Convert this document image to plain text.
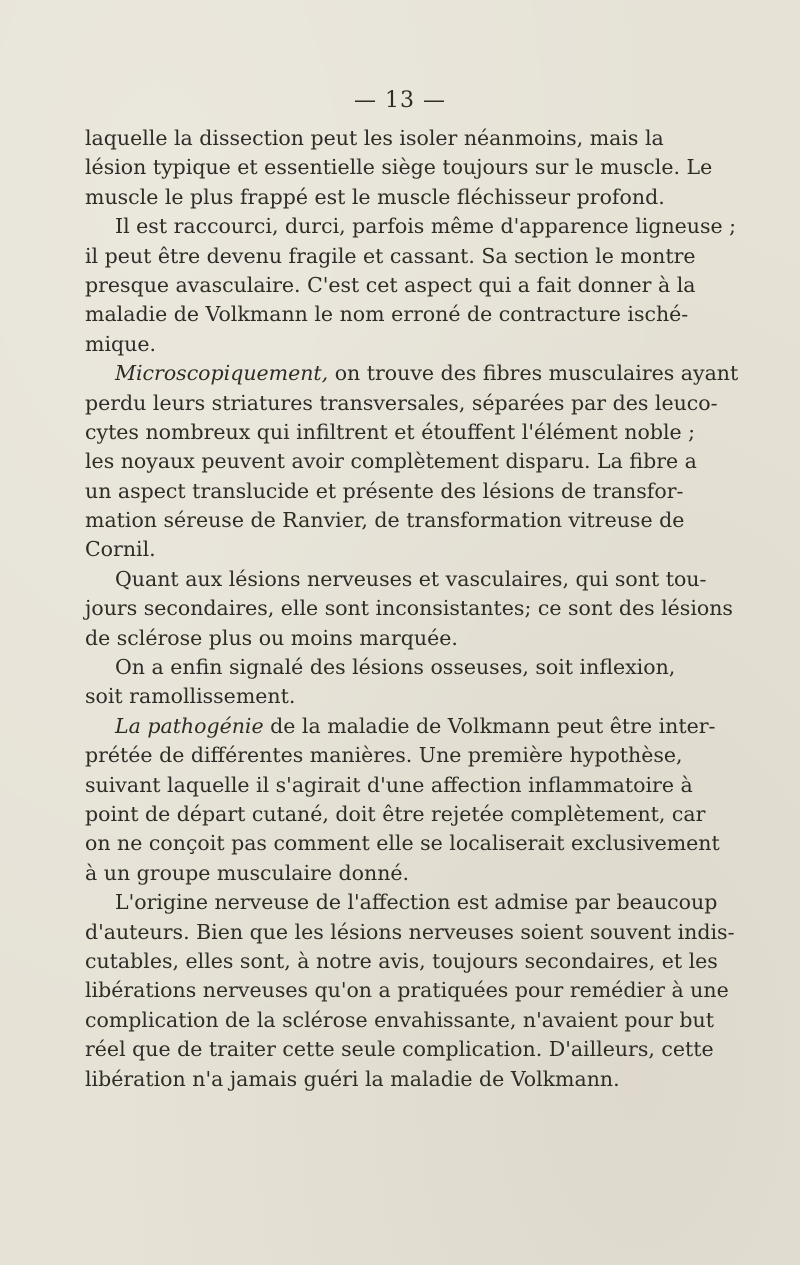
— 13 —
laquelle la dissection peut les isoler néanmoins, mais la
lésion typique et essentielle siège toujours sur le muscle. Le
muscle le plus frappé est le muscle fléchisseur profond.
Il est raccourci, durci, parfois même d'apparence ligneuse ;
il peut être devenu fragile et cassant. Sa section le montre
presque avasculaire. C'est cet aspect qui a fait donner à la
maladie de Volkmann le nom erroné de contracture isché-
mique.
Microscopiquement, on trouve des fibres musculaires ayant
perdu leurs striatures transversales, séparées par des leuco-
cytes nombreux qui infiltrent et étouffent l'élément noble ;
les noyaux peuvent avoir complètement disparu. La fibre a
un aspect translucide et présente des lésions de transfor-
mation séreuse de Ranvier, de transformation vitreuse de
Cornil.
Quant aux lésions nerveuses et vasculaires, qui sont tou-
jours secondaires, elle sont inconsistantes; ce sont des lésions
de sclérose plus ou moins marquée.
On a enfin signalé des lésions osseuses, soit inflexion,
soit ramollissement.
La pathogénie de la maladie de Volkmann peut être inter-
prétée de différentes manières. Une première hypothèse,
suivant laquelle il s'agirait d'une affection inflammatoire à
point de départ cutané, doit être rejetée complètement, car
on ne conçoit pas comment elle se localiserait exclusivement
à un groupe musculaire donné.
L'origine nerveuse de l'affection est admise par beaucoup
d'auteurs. Bien que les lésions nerveuses soient souvent indis-
cutables, elles sont, à notre avis, toujours secondaires, et les
libérations nerveuses qu'on a pratiquées pour remédier à une
complication de la sclérose envahissante, n'avaient pour but
réel que de traiter cette seule complication. D'ailleurs, cette
libération n'a jamais guéri la maladie de Volkmann.
